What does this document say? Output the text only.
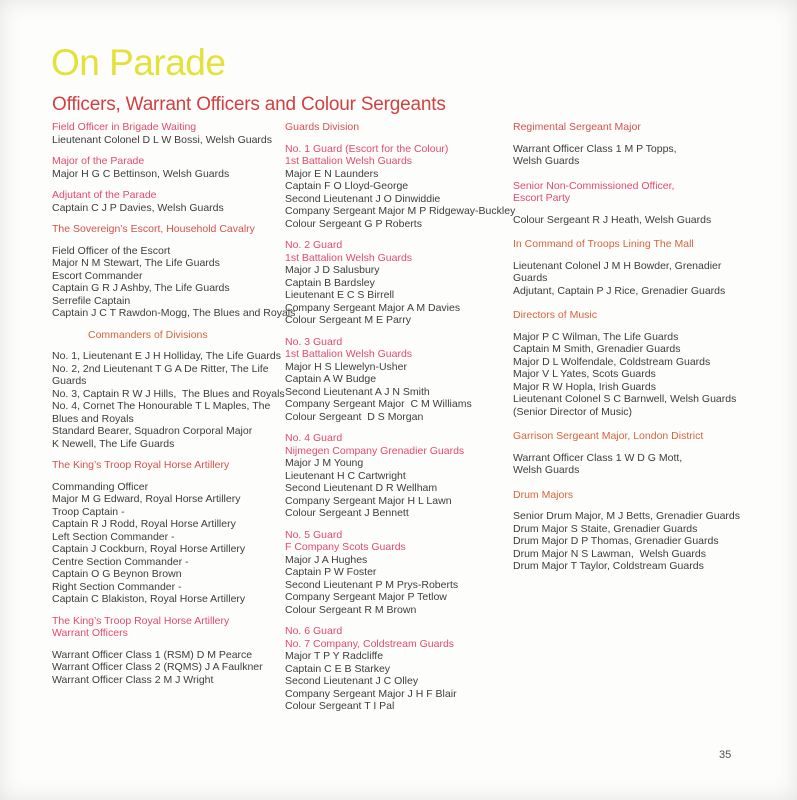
On Parade
Officers, Warrant Officers and Colour Sergeants
Field Officer in Brigade Waiting
Lieutenant Colonel D L W Bossi, Welsh Guards
Major of the Parade
Major H G C Bettinson, Welsh Guards
Adjutant of the Parade
Captain C J P Davies, Welsh Guards
The Sovereign’s Escort, Household Cavalry
Field Officer of the Escort
Major N M Stewart, The Life Guards
Escort Commander
Captain G R J Ashby, The Life Guards
Serrefile Captain
Captain J C T Rawdon-Mogg, The Blues and Royals
Commanders of Divisions
No. 1, Lieutenant E J H Holliday, The Life Guards
No. 2, 2nd Lieutenant T G A De Ritter, The Life
Guards
No. 3, Captain R W J Hills,  The Blues and Royals
No. 4, Cornet The Honourable T L Maples, The
Blues and Royals
Standard Bearer, Squadron Corporal Major
K Newell, The Life Guards
The King’s Troop Royal Horse Artillery
Commanding Officer
Major M G Edward, Royal Horse Artillery
Troop Captain -
Captain R J Rodd, Royal Horse Artillery
Left Section Commander -
Captain J Cockburn, Royal Horse Artillery
Centre Section Commander -
Captain O G Beynon Brown
Right Section Commander -
Captain C Blakiston, Royal Horse Artillery
The King’s Troop Royal Horse Artillery
Warrant Officers
Warrant Officer Class 1 (RSM) D M Pearce
Warrant Officer Class 2 (RQMS) J A Faulkner
Warrant Officer Class 2 M J Wright
Guards Division
No. 1 Guard (Escort for the Colour)
1st Battalion Welsh Guards
Major E N Launders
Captain F O Lloyd-George
Second Lieutenant J O Dinwiddie
Company Sergeant Major M P Ridgeway-Buckley
Colour Sergeant G P Roberts
No. 2 Guard
1st Battalion Welsh Guards
Major J D Salusbury
Captain B Bardsley
Lieutenant E C S Birrell
Company Sergeant Major A M Davies
Colour Sergeant M E Parry
No. 3 Guard
1st Battalion Welsh Guards
Major H S Llewelyn-Usher
Captain A W Budge
Second Lieutenant A J N Smith
Company Sergeant Major  C M Williams
Colour Sergeant  D S Morgan
No. 4 Guard
Nijmegen Company Grenadier Guards
Major J M Young
Lieutenant H C Cartwright
Second Lieutenant D R Wellham
Company Sergeant Major H L Lawn
Colour Sergeant J Bennett
No. 5 Guard
F Company Scots Guards
Major J A Hughes
Captain P W Foster
Second Lieutenant P M Prys-Roberts
Company Sergeant Major P Tetlow
Colour Sergeant R M Brown
No. 6 Guard
No. 7 Company, Coldstream Guards
Major T P Y Radcliffe
Captain C E B Starkey
Second Lieutenant J C Olley
Company Sergeant Major J H F Blair
Colour Sergeant T I Pal
Regimental Sergeant Major
Warrant Officer Class 1 M P Topps,
Welsh Guards
Senior Non-Commissioned Officer,
Escort Party
Colour Sergeant R J Heath, Welsh Guards
In Command of Troops Lining The Mall
Lieutenant Colonel J M H Bowder, Grenadier
Guards
Adjutant, Captain P J Rice, Grenadier Guards
Directors of Music
Major P C Wilman, The Life Guards
Captain M Smith, Grenadier Guards
Major D L Wolfendale, Coldstream Guards
Major V L Yates, Scots Guards
Major R W Hopla, Irish Guards
Lieutenant Colonel S C Barnwell, Welsh Guards
(Senior Director of Music)
Garrison Sergeant Major, London District
Warrant Officer Class 1 W D G Mott,
Welsh Guards
Drum Majors
Senior Drum Major, M J Betts, Grenadier Guards
Drum Major S Staite, Grenadier Guards
Drum Major D P Thomas, Grenadier Guards
Drum Major N S Lawman,  Welsh Guards
Drum Major T Taylor, Coldstream Guards
35
